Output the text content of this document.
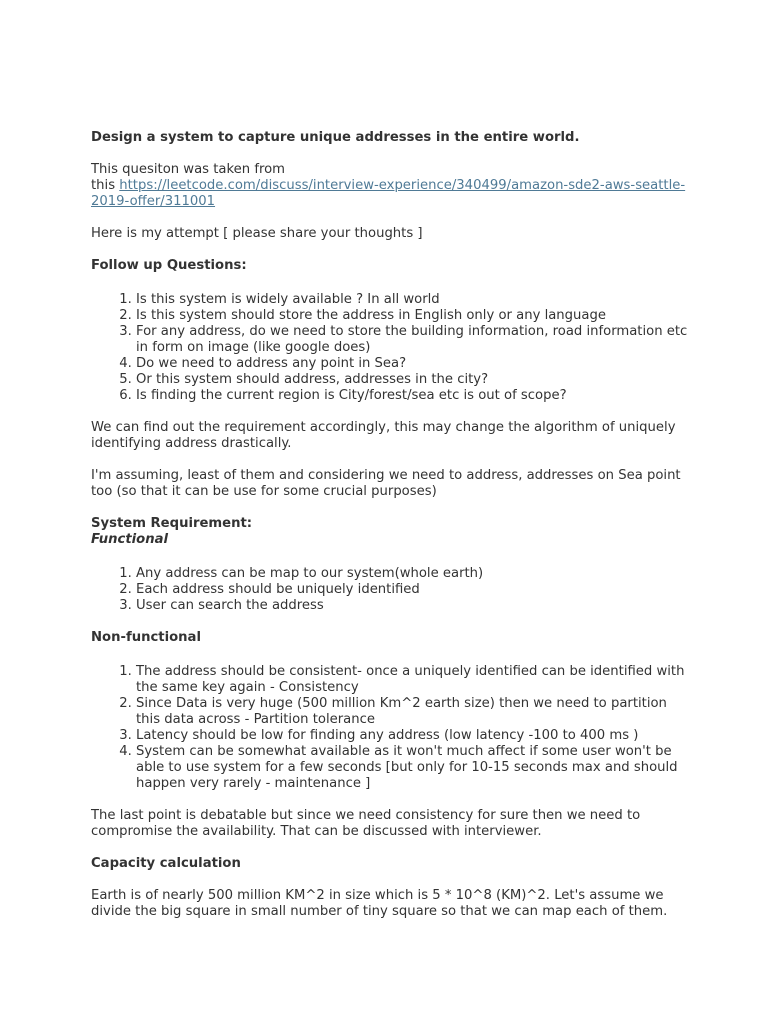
Design a system to capture unique addresses in the entire world.

This quesiton was taken from
this https://leetcode.com/discuss/interview-experience/340499/amazon-sde2-aws-seattle-2019-offer/311001

Here is my attempt [ please share your thoughts ]

Follow up Questions:

1. Is this system is widely available ? In all world
2. Is this system should store the address in English only or any language
3. For any address, do we need to store the building information, road information etc in form on image (like google does)
4. Do we need to address any point in Sea?
5. Or this system should address, addresses in the city?
6. Is finding the current region is City/forest/sea etc is out of scope?

We can find out the requirement accordingly, this may change the algorithm of uniquely identifying address drastically.

I'm assuming, least of them and considering we need to address, addresses on Sea point too (so that it can be use for some crucial purposes)

System Requirement:
Functional
1. Any address can be map to our system(whole earth)
2. Each address should be uniquely identified
3. User can search the address

Non-functional

1. The address should be consistent- once a uniquely identified can be identified with the same key again - Consistency
2. Since Data is very huge (500 million Km^2 earth size) then we need to partition this data across - Partition tolerance
3. Latency should be low for finding any address (low latency -100 to 400 ms )
4. System can be somewhat available as it won't much affect if some user won't be able to use system for a few seconds [but only for 10-15 seconds max and should happen very rarely - maintenance ]

The last point is debatable but since we need consistency for sure then we need to compromise the availability. That can be discussed with interviewer.

Capacity calculation

Earth is of nearly 500 million KM^2 in size which is 5 * 10^8 (KM)^2. Let's assume we divide the big square in small number of tiny square so that we can map each of them.
